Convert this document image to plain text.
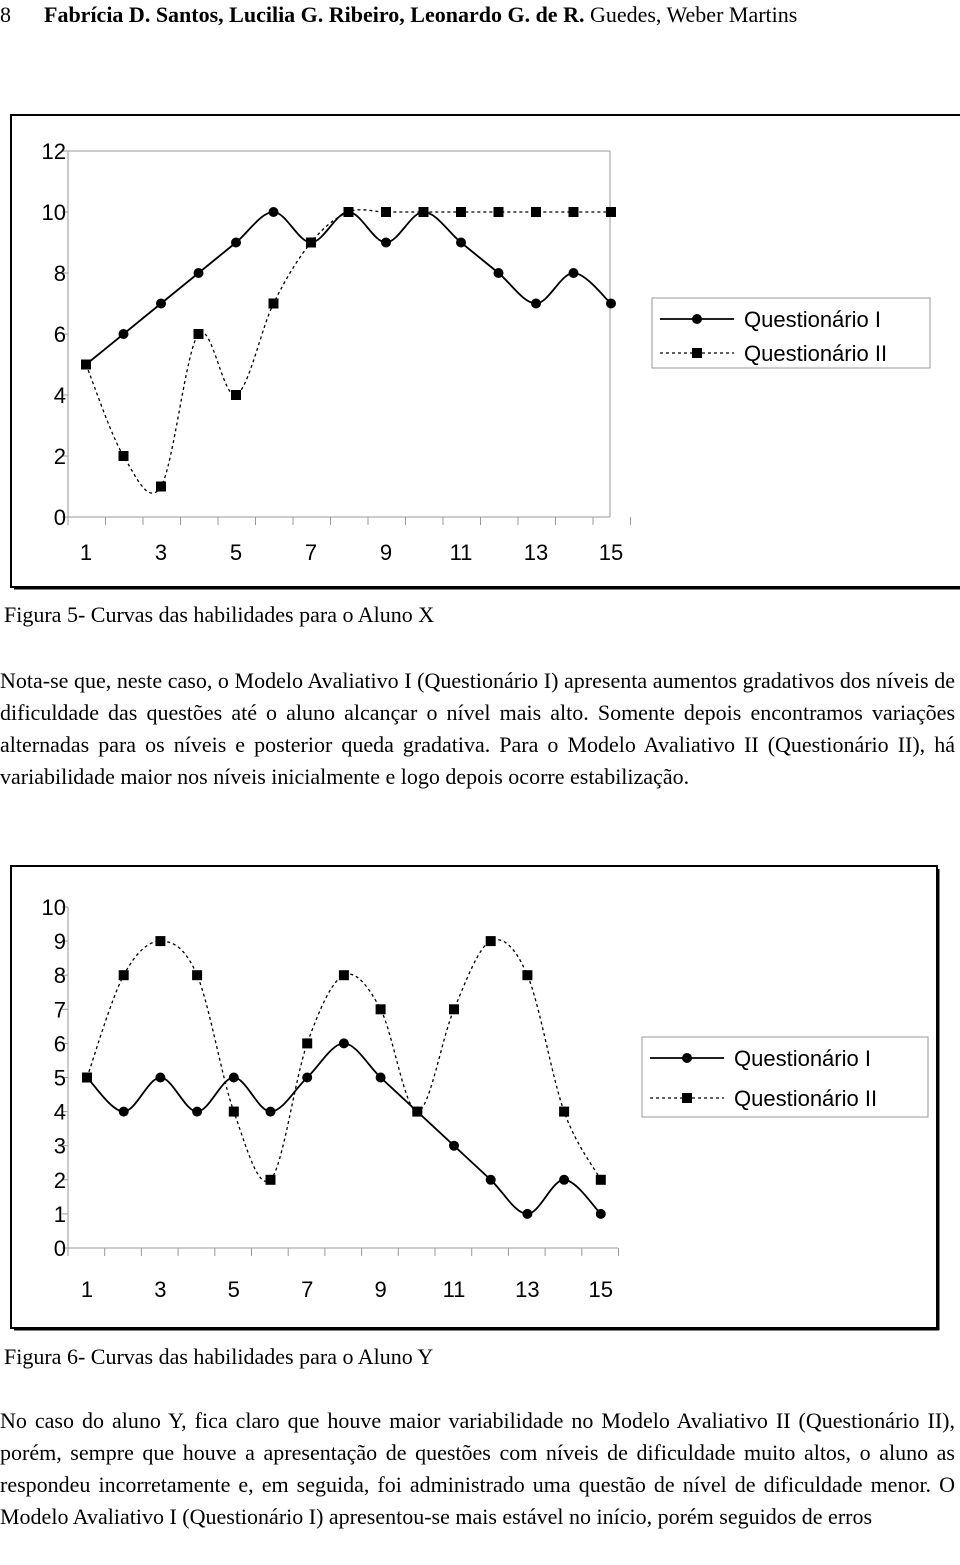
8 Fabrícia D. Santos, Lucilia G. Ribeiro, Leonardo G. de R. Guedes, Weber Martins
0
2
4
6
8
10
12
1	3	5	7	9	11 13 15
Questionário I
Questionário II
Figura 5- Curvas das habilidades para o Aluno X
Nota-se que, neste caso, o Modelo Avaliativo I (Questionário I) apresenta aumentos gradativos dos níveis de dificuldade das questões até o aluno alcançar o nível mais alto. Somente depois encontramos variações alternadas para os níveis e posterior queda gradativa. Para o Modelo Avaliativo II (Questionário II), há variabilidade maior nos níveis inicialmente e logo depois ocorre estabilização.
0
1
2
3
4
5
6
7
8
9
10
1	3	5	7	9	11 13 15
Questionário I
Questionário II
Figura 6- Curvas das habilidades para o Aluno Y
No caso do aluno Y, fica claro que houve maior variabilidade no Modelo Avaliativo II (Questionário II), porém, sempre que houve a apresentação de questões com níveis de dificuldade muito altos, o aluno as respondeu incorretamente e, em seguida, foi administrado uma questão de nível de dificuldade menor. O Modelo Avaliativo I (Questionário I) apresentou-se mais estável no início, porém seguidos de erros
